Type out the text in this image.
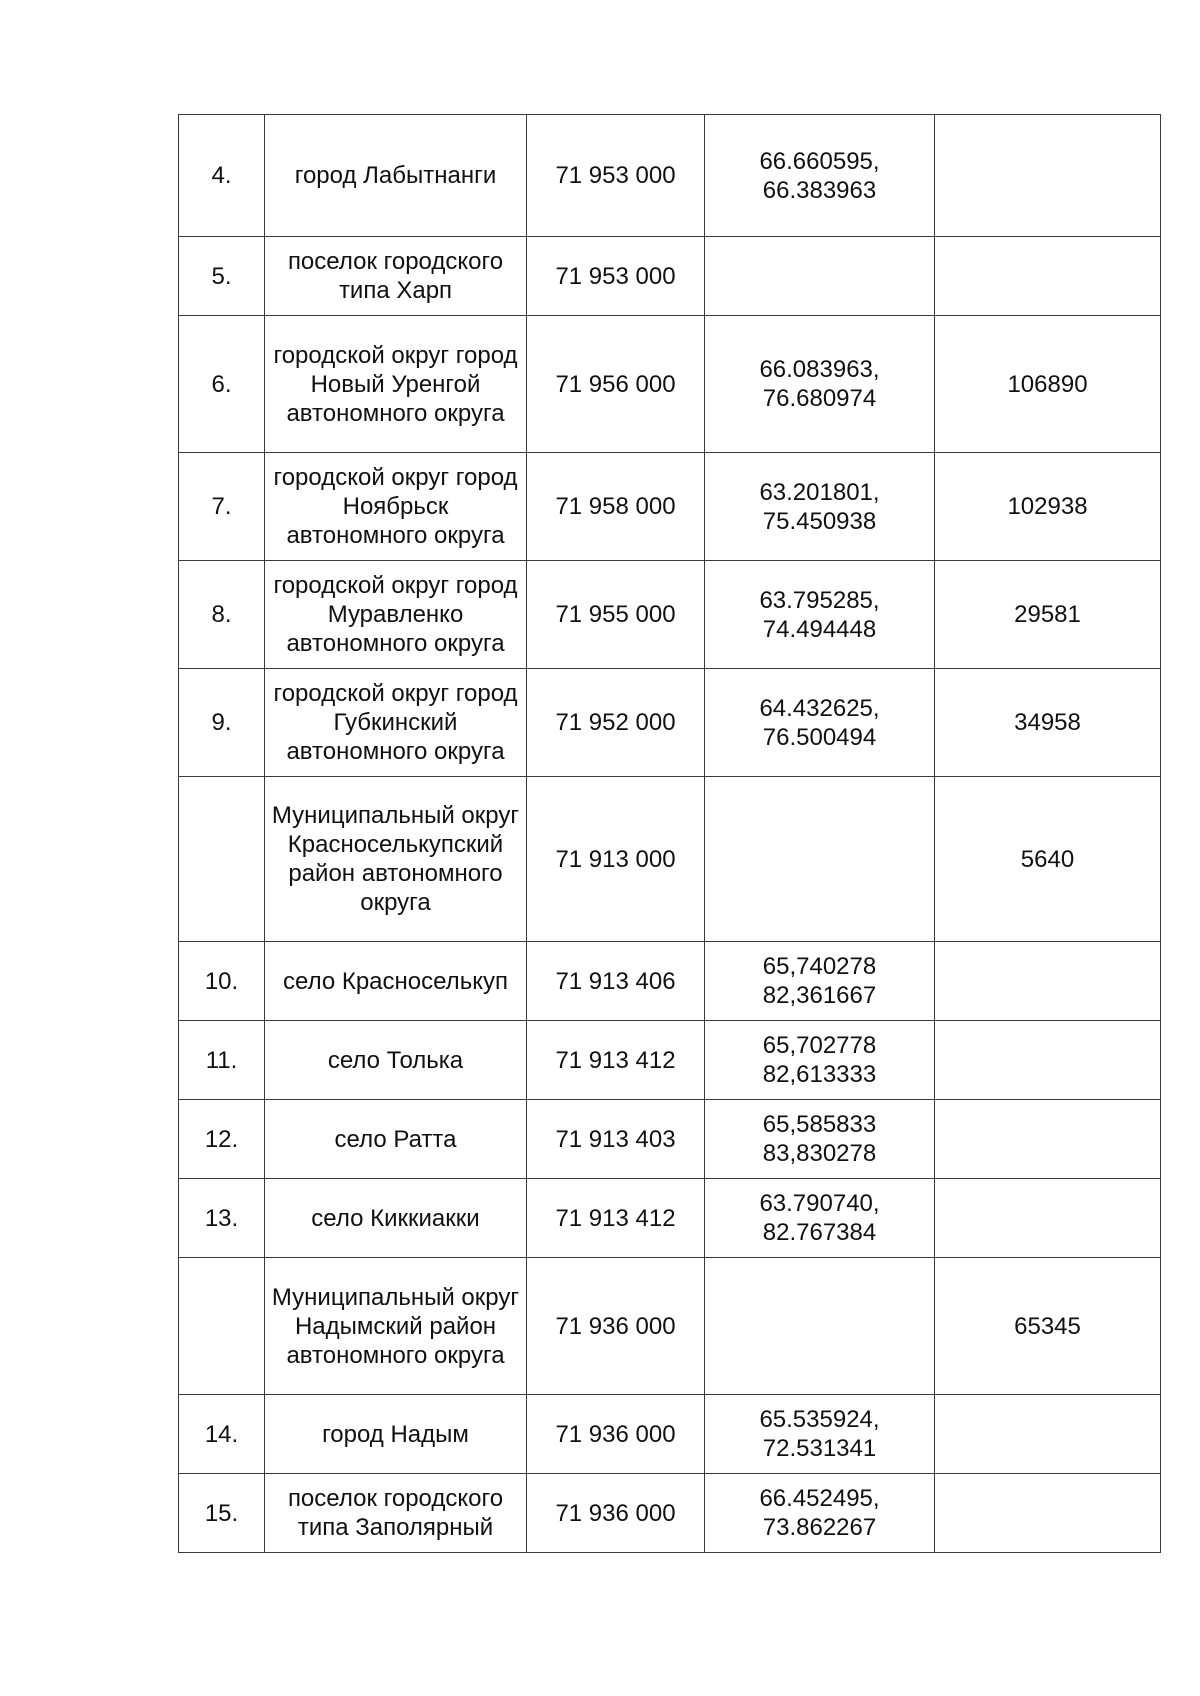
4.	город Лабытнанги	71 953 000	66.660595,
66.383963	
5.	поселок городского типа Харп	71 953 000		
6.	городской округ город Новый Уренгой автономного округа	71 956 000	66.083963,
76.680974	106890
7.	городской округ город Ноябрьск автономного округа	71 958 000	63.201801,
75.450938	102938
8.	городской округ город Муравленко автономного округа	71 955 000	63.795285,
74.494448	29581
9.	городской округ город Губкинский автономного округа	71 952 000	64.432625,
76.500494	34958
	Муниципальный округ Красноселькупский район автономного округа	71 913 000		5640
10.	село Красноселькуп	71 913 406	65,740278
82,361667	
11.	село Толька	71 913 412	65,702778
82,613333	
12.	село Ратта	71 913 403	65,585833
83,830278	
13.	село Киккиакки	71 913 412	63.790740,
82.767384	
	Муниципальный округ Надымский район автономного округа	71 936 000		65345
14.	город Надым	71 936 000	65.535924,
72.531341	
15.	поселок городского типа Заполярный	71 936 000	66.452495,
73.862267	
